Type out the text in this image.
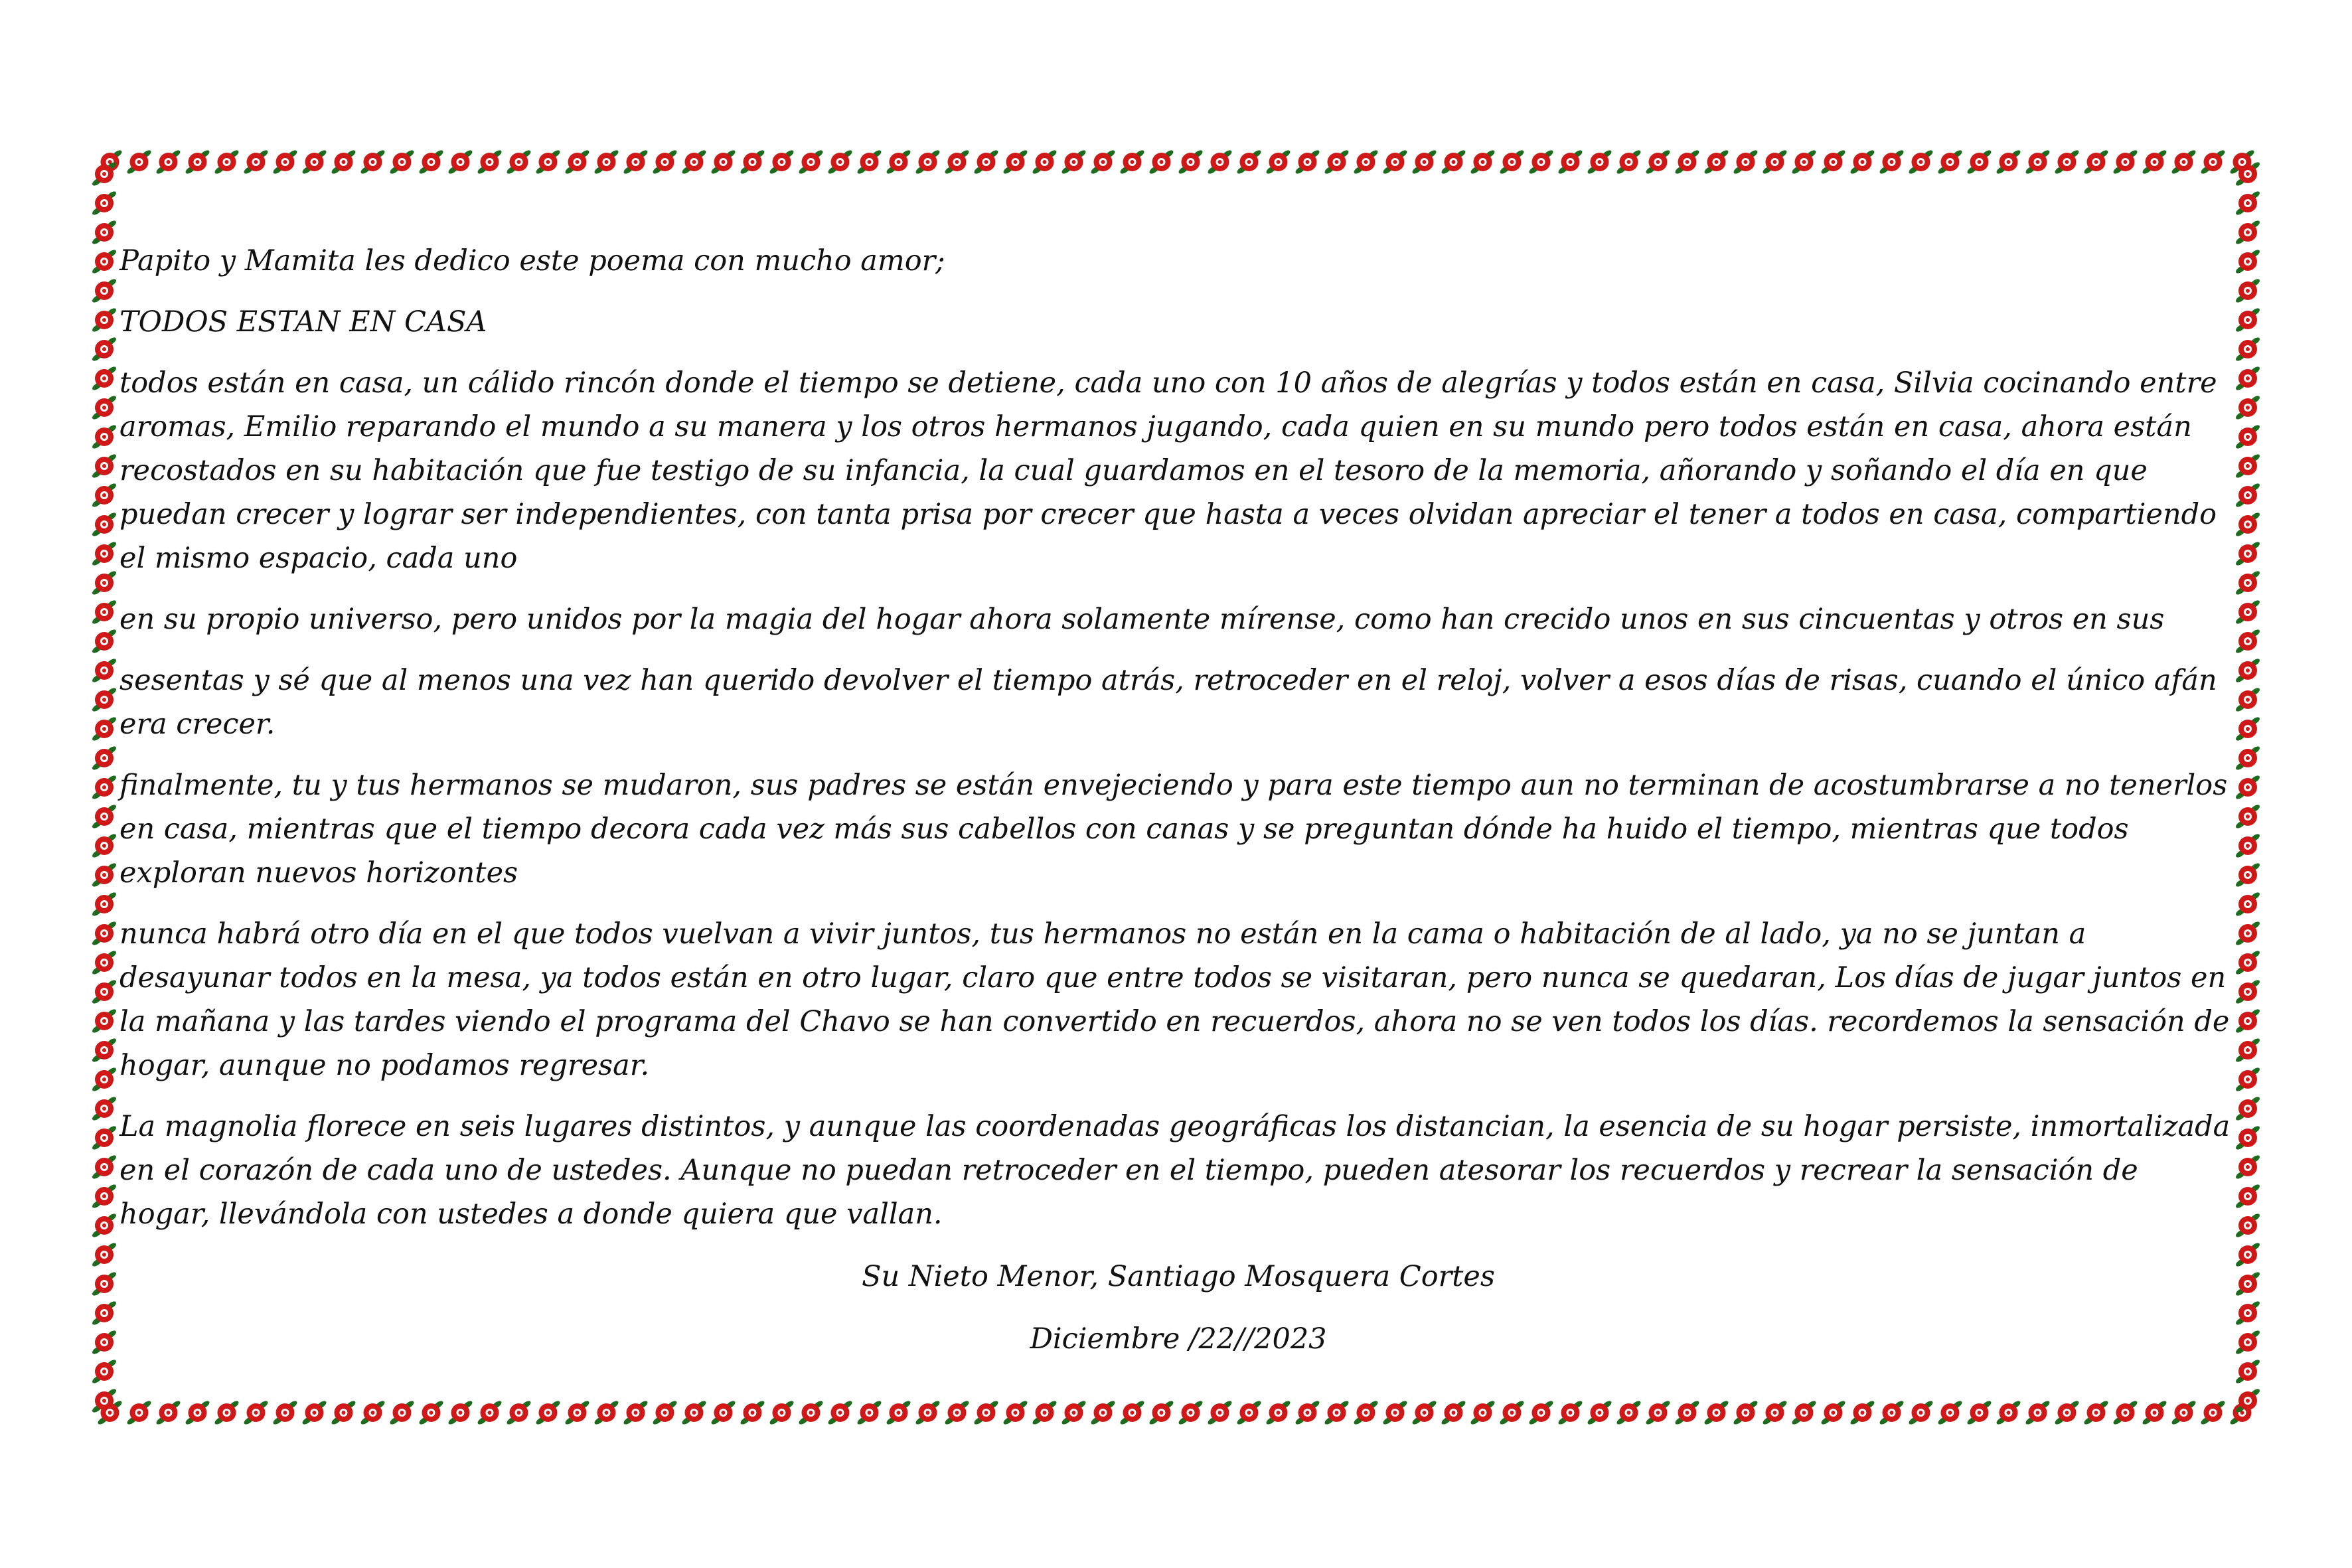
Papito y Mamita les dedico este poema con mucho amor;

TODOS ESTAN EN CASA

todos están en casa, un cálido rincón donde el tiempo se detiene, cada uno con 10 años de alegrías y todos están en casa, Silvia cocinando entre aromas, Emilio reparando el mundo a su manera y los otros hermanos jugando, cada quien en su mundo pero todos están en casa, ahora están recostados en su habitación que fue testigo de su infancia, la cual guardamos en el tesoro de la memoria, añorando y soñando el día en que puedan crecer y lograr ser independientes, con tanta prisa por crecer que hasta a veces olvidan apreciar el tener a todos en casa, compartiendo el mismo espacio, cada uno

en su propio universo, pero unidos por la magia del hogar ahora solamente mírense, como han crecido unos en sus cincuentas y otros en sus

sesentas y sé que al menos una vez han querido devolver el tiempo atrás, retroceder en el reloj, volver a esos días de risas, cuando el único afán era crecer.

finalmente, tu y tus hermanos se mudaron, sus padres se están envejeciendo y para este tiempo aun no terminan de acostumbrarse a no tenerlos en casa, mientras que el tiempo decora cada vez más sus cabellos con canas y se preguntan dónde ha huido el tiempo, mientras que todos exploran nuevos horizontes

nunca habrá otro día en el que todos vuelvan a vivir juntos, tus hermanos no están en la cama o habitación de al lado, ya no se juntan a desayunar todos en la mesa, ya todos están en otro lugar, claro que entre todos se visitaran, pero nunca se quedaran, Los días de jugar juntos en la mañana y las tardes viendo el programa del Chavo se han convertido en recuerdos, ahora no se ven todos los días. recordemos la sensación de hogar, aunque no podamos regresar.

La magnolia florece en seis lugares distintos, y aunque las coordenadas geográficas los distancian, la esencia de su hogar persiste, inmortalizada en el corazón de cada uno de ustedes. Aunque no puedan retroceder en el tiempo, pueden atesorar los recuerdos y recrear la sensación de hogar, llevándola con ustedes a donde quiera que vallan.

Su Nieto Menor, Santiago Mosquera Cortes

Diciembre /22//2023
